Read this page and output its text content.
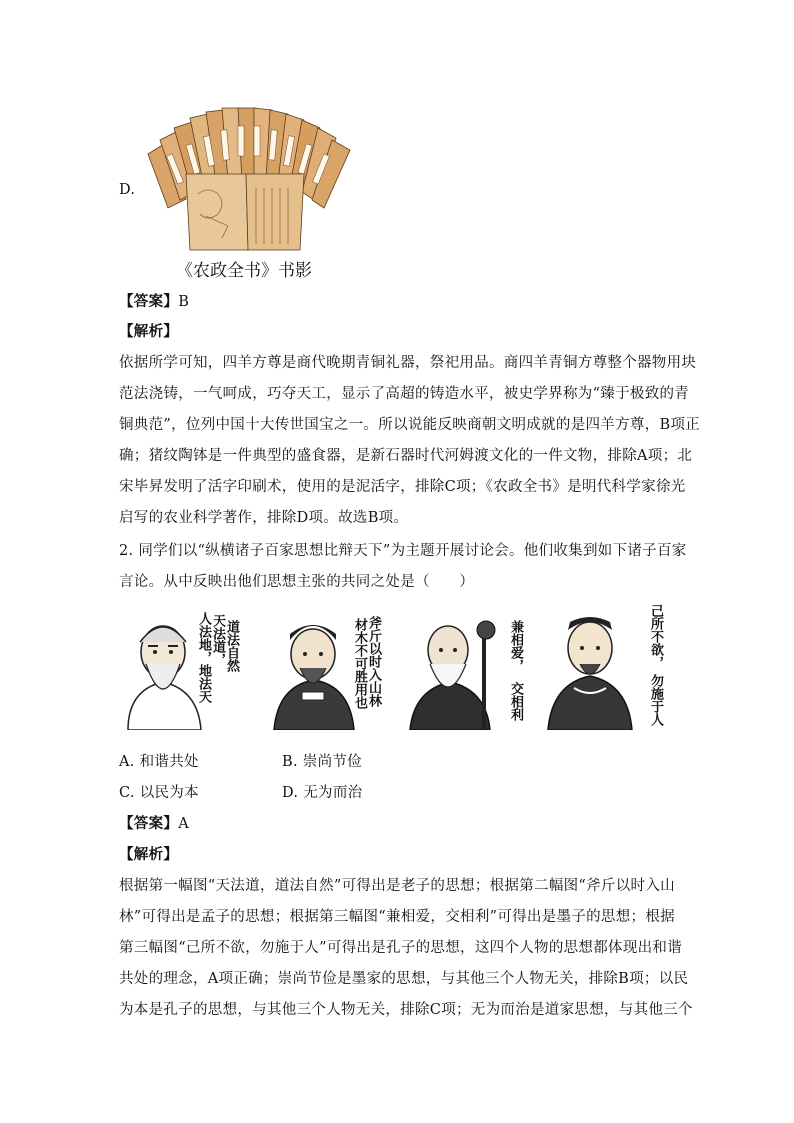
D.
《农政全书》书影
【答案】B
【解析】
依据所学可知，四羊方尊是商代晚期青铜礼器，祭祀用品。商四羊青铜方尊整个器物用块
范法浇铸，一气呵成，巧夺天工，显示了高超的铸造水平，被史学界称为“臻于极致的青
铜典范”，位列中国十大传世国宝之一。所以说能反映商朝文明成就的是四羊方尊，B项正
确；猪纹陶钵是一件典型的盛食器，是新石器时代河姆渡文化的一件文物，排除A项；北
宋毕昇发明了活字印刷术，使用的是泥活字，排除C项；《农政全书》是明代科学家徐光
启写的农业科学著作，排除D项。故选B项。
2. 同学们以“纵横诸子百家思想比辩天下”为主题开展讨论会。他们收集到如下诸子百家
言论。从中反映出他们思想主张的共同之处是（　　）
天法道， 道法自然
人法地，地法天	斧斤以时入山林
材木不可胜用也	兼相爱，
交相利
己所不欲，
勿施于人
A. 和谐共处	B. 崇尚节俭
C. 以民为本	D. 无为而治
【答案】A
【解析】
根据第一幅图“天法道，道法自然”可得出是老子的思想；根据第二幅图“斧斤以时入山
林”可得出是孟子的思想；根据第三幅图“兼相爱，交相利”可得出是墨子的思想；根据
第三幅图“己所不欲，勿施于人”可得出是孔子的思想，这四个人物的思想都体现出和谐
共处的理念，A项正确；崇尚节俭是墨家的思想，与其他三个人物无关，排除B项；以民
为本是孔子的思想，与其他三个人物无关，排除C项；无为而治是道家思想，与其他三个
